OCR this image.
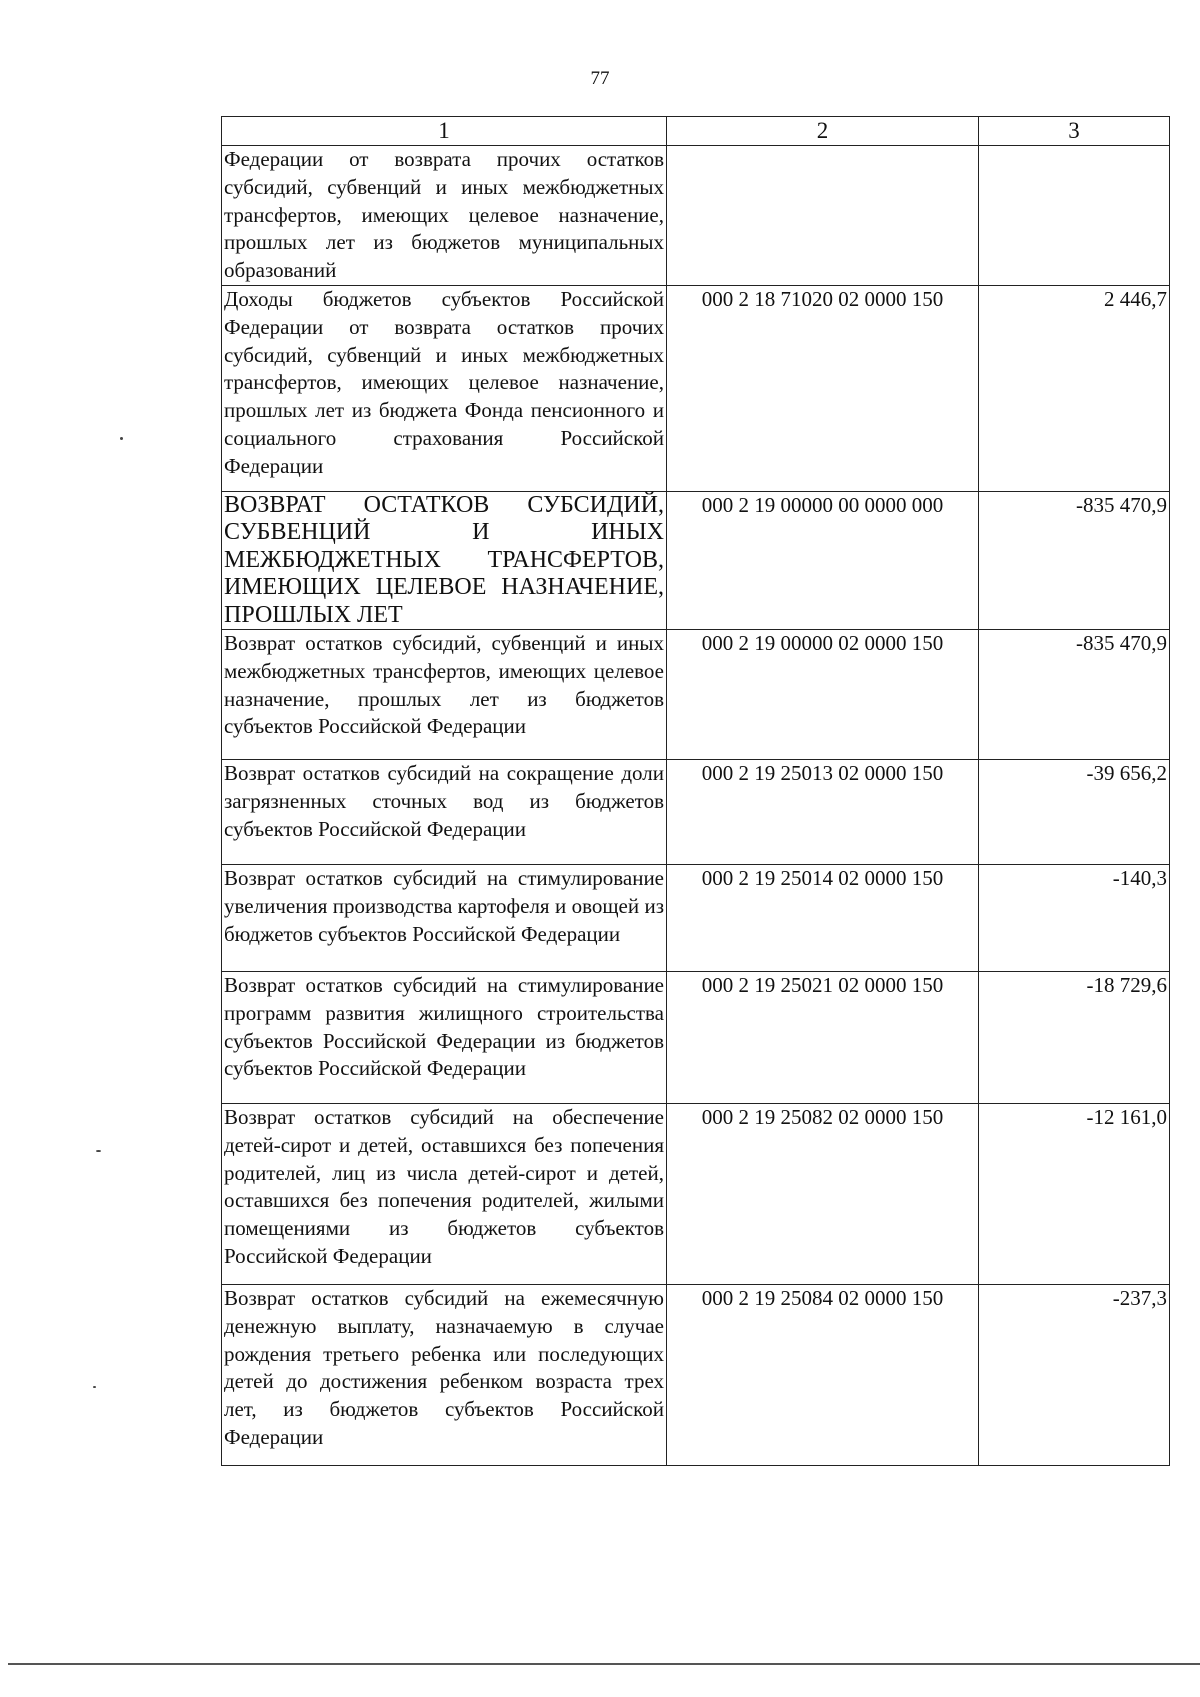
77
1	2	3
Федерации от возврата прочих остатков субсидий, субвенций и иных межбюджетных трансфертов, имеющих целевое назначение, прошлых лет из бюджетов муниципальных образований		
Доходы бюджетов субъектов Российской Федерации от возврата остатков прочих субсидий, субвенций и иных межбюджетных трансфертов, имеющих целевое назначение, прошлых лет из бюджета Фонда пенсионного и социального страхования Российской Федерации	000 2 18 71020 02 0000 150	2 446,7
ВОЗВРАТ ОСТАТКОВ СУБСИДИЙ, СУБВЕНЦИЙ И ИНЫХ МЕЖБЮДЖЕТНЫХ ТРАНСФЕРТОВ, ИМЕЮЩИХ ЦЕЛЕВОЕ НАЗНАЧЕНИЕ, ПРОШЛЫХ ЛЕТ	000 2 19 00000 00 0000 000	-835 470,9
Возврат остатков субсидий, субвенций и иных межбюджетных трансфертов, имеющих целевое назначение, прошлых лет из бюджетов субъектов Российской Федерации	000 2 19 00000 02 0000 150	-835 470,9
Возврат остатков субсидий на сокращение доли загрязненных сточных вод из бюджетов субъектов Российской Федерации	000 2 19 25013 02 0000 150	-39 656,2
Возврат остатков субсидий на стимулирование увеличения производства картофеля и овощей из бюджетов субъектов Российской Федерации	000 2 19 25014 02 0000 150	-140,3
Возврат остатков субсидий на стимулирование программ развития жилищного строительства субъектов Российской Федерации из бюджетов субъектов Российской Федерации	000 2 19 25021 02 0000 150	-18 729,6
Возврат остатков субсидий на обеспечение детей-сирот и детей, оставшихся без попечения родителей, лиц из числа детей-сирот и детей, оставшихся без попечения родителей, жилыми помещениями из бюджетов субъектов Российской Федерации	000 2 19 25082 02 0000 150	-12 161,0
Возврат остатков субсидий на ежемесячную денежную выплату, назначаемую в случае рождения третьего ребенка или последующих детей до достижения ребенком возраста трех лет, из бюджетов субъектов Российской Федерации	000 2 19 25084 02 0000 150	-237,3
